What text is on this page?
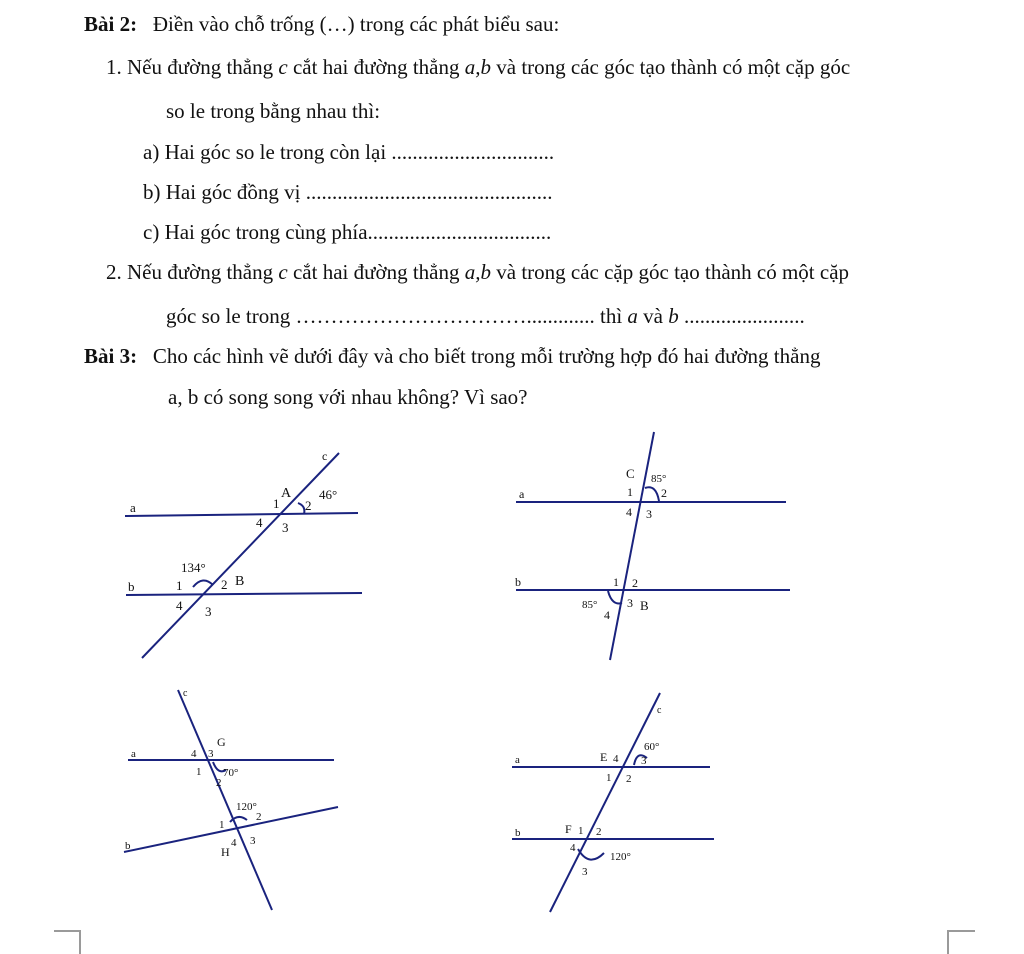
Bài 2: Điền vào chỗ trống (…) trong các phát biểu sau:
1. Nếu đường thẳng c cắt hai đường thẳng a,b và trong các góc tạo thành có một cặp góc
so le trong bằng nhau thì:
a) Hai góc so le trong còn lại ...............................
b) Hai góc đồng vị ...............................................
c) Hai góc trong cùng phía...................................
2. Nếu đường thẳng c cắt hai đường thẳng a,b và trong các cặp góc tạo thành có một cặp
góc so le trong ……………………………............. thì a và b .......................
Bài 3: Cho các hình vẽ dưới đây và cho biết trong mỗi trường hợp đó hai đường thẳng
a, b có song song với nhau không? Vì sao?
c
a
b
A
1 2
3
4
46°
134°
1	2 B
3
4
a
b
C 85°
1 2
3
4
1 2
85° 3 B
4
c
a
b
G
4 3
1 70°
2
120°
1
2
3
4
H
c
a
b
E 4 3
60°
1 2
F 1 2
4
120°
3
